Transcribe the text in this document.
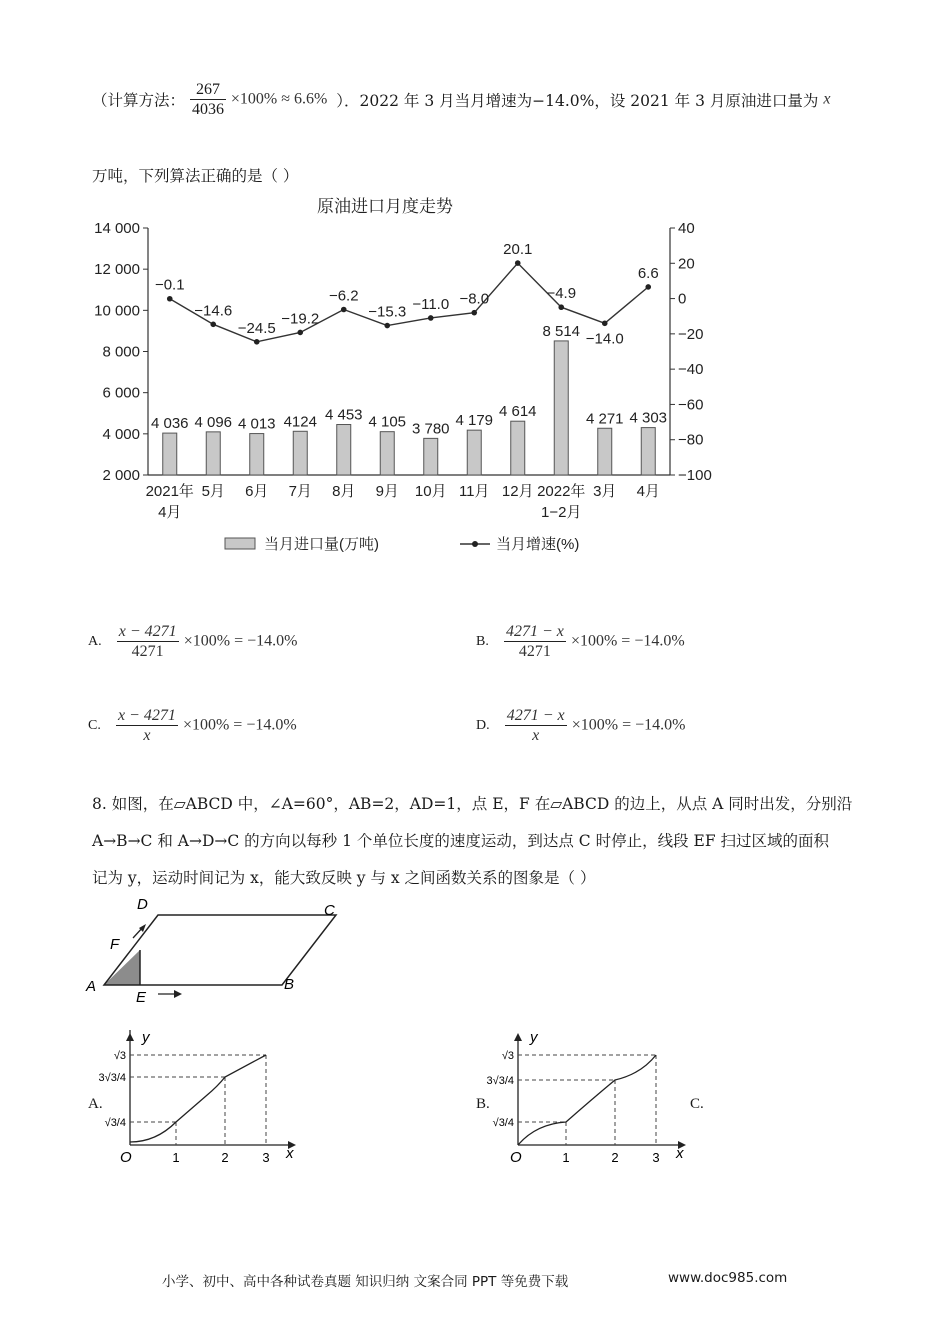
（计算方法： $\frac{267}{4036} \times 100\% \approx 6.6\%$ ）．2022 年 3 月当月增速为−14.0%，设 2021 年 3 月原油进口量为 x
万吨，下列算法正确的是（ ）
原油进口月度走势
2 000
4 000
6 000
8 000
10 000
12 000
14 000
−100
−80
−60
−40
−20
0
20
40
4 036 4 096 4 013 4124 4 453 4 105 3 780 4 179
4 614
8 514
4 271 4 303
−0.1
−14.6
−24.5
−19.2
−6.2
−15.3 −11.0 −8.0
20.1
−4.9
−14.0
6.6
2021年
4月
5月 6月 7月 8月 9月 10月 11月 12月 2022年
1−2月
3月 4月
当月进口量(万吨)	当月增速(%)
A. $\frac{x - 4271}{4271} \times 100\% = -14.0\%$	B. $\frac{4271 - x}{4271} \times 100\% = -14.0\%$
C. $\frac{x - 4271}{x} \times 100\% = -14.0\%$	D. $\frac{4271 - x}{x} \times 100\% = -14.0\%$
8. 如图，在▱ABCD 中，∠A=60°，AB=2，AD=1，点 E，F 在▱ABCD 的边上，从点 A 同时出发，分别沿
A→B→C 和 A→D→C 的方向以每秒 1 个单位长度的速度运动，到达点 C 时停止，线段 EF 扫过区域的面积
记为 y，运动时间记为 x，能大致反映 y 与 x 之间函数关系的图象是（ ）
A	B
C
D
E
F
A.
y
x
O	1	2	3
√3
3√3/4
√3/4
B.
y
x
O	1	2	3
√3
3√3/4
√3/4
C.
小学、初中、高中各种试卷真题 知识归纳 文案合同 PPT 等免费下载	www.doc985.com
